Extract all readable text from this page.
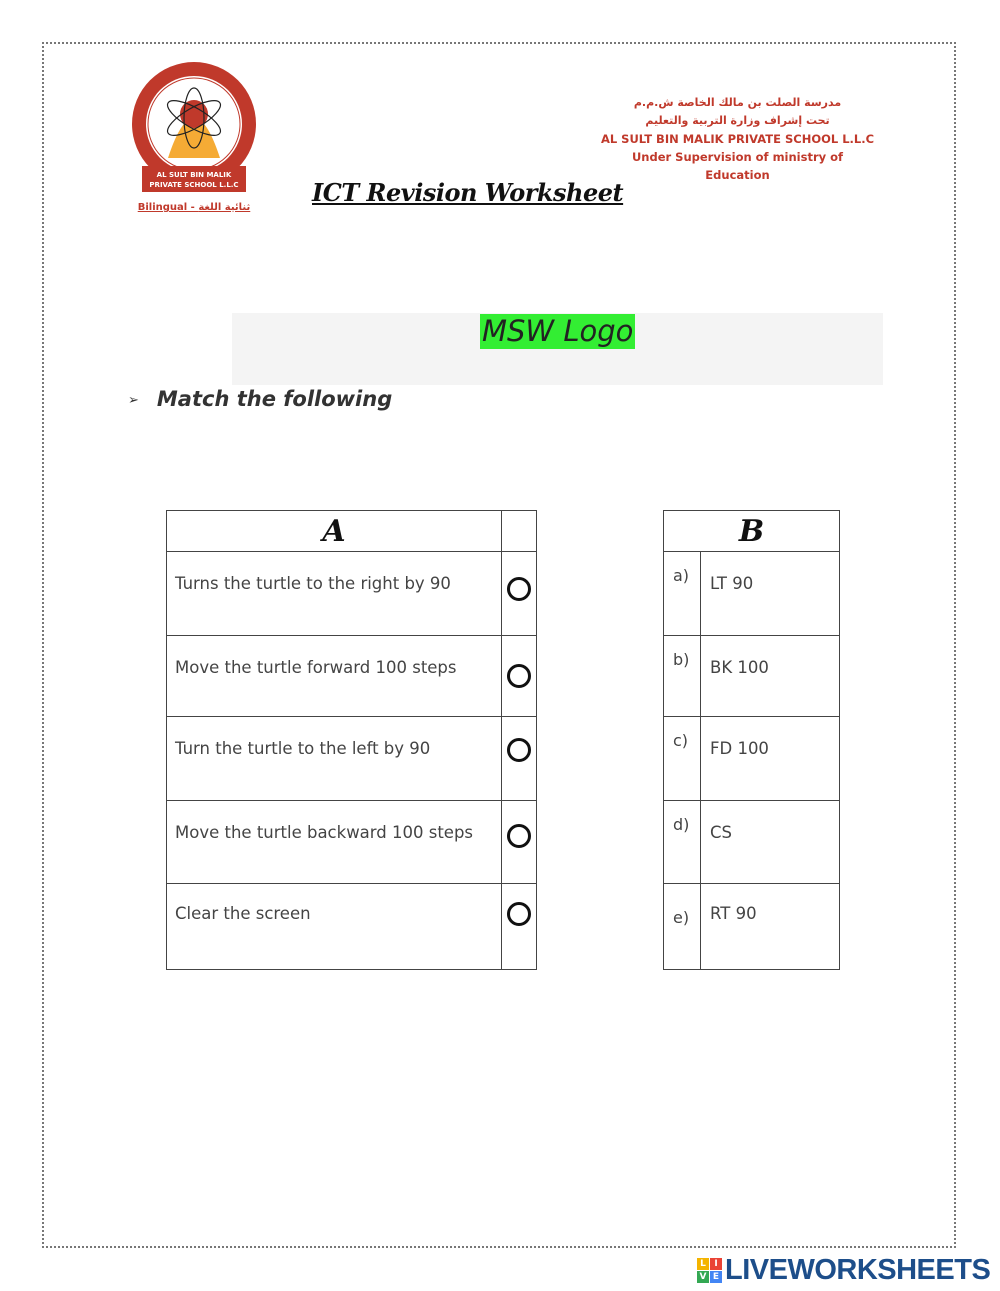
AL SULT BIN MALIK
PRIVATE SCHOOL L.L.C
Bilingual - ثنائية اللغة
مدرسة الصلت بن مالك الخاصة ش.م.م
تحت إشراف وزارة التربية والتعليم
AL SULT BIN MALIK PRIVATE SCHOOL L.L.C
Under Supervision of ministry of Education
ICT Revision Worksheet
MSW Logo
➢ Match the following
A	
Turns the turtle to the right by 90	
Move the turtle forward 100 steps	
Turn the turtle to the left by 90	
Move the turtle backward 100 steps	
Clear the screen	
B	
a)	LT 90
b)	BK 100
c)	FD 100
d)	CS
e)	RT 90
L I
V E LIVEWORKSHEETS
